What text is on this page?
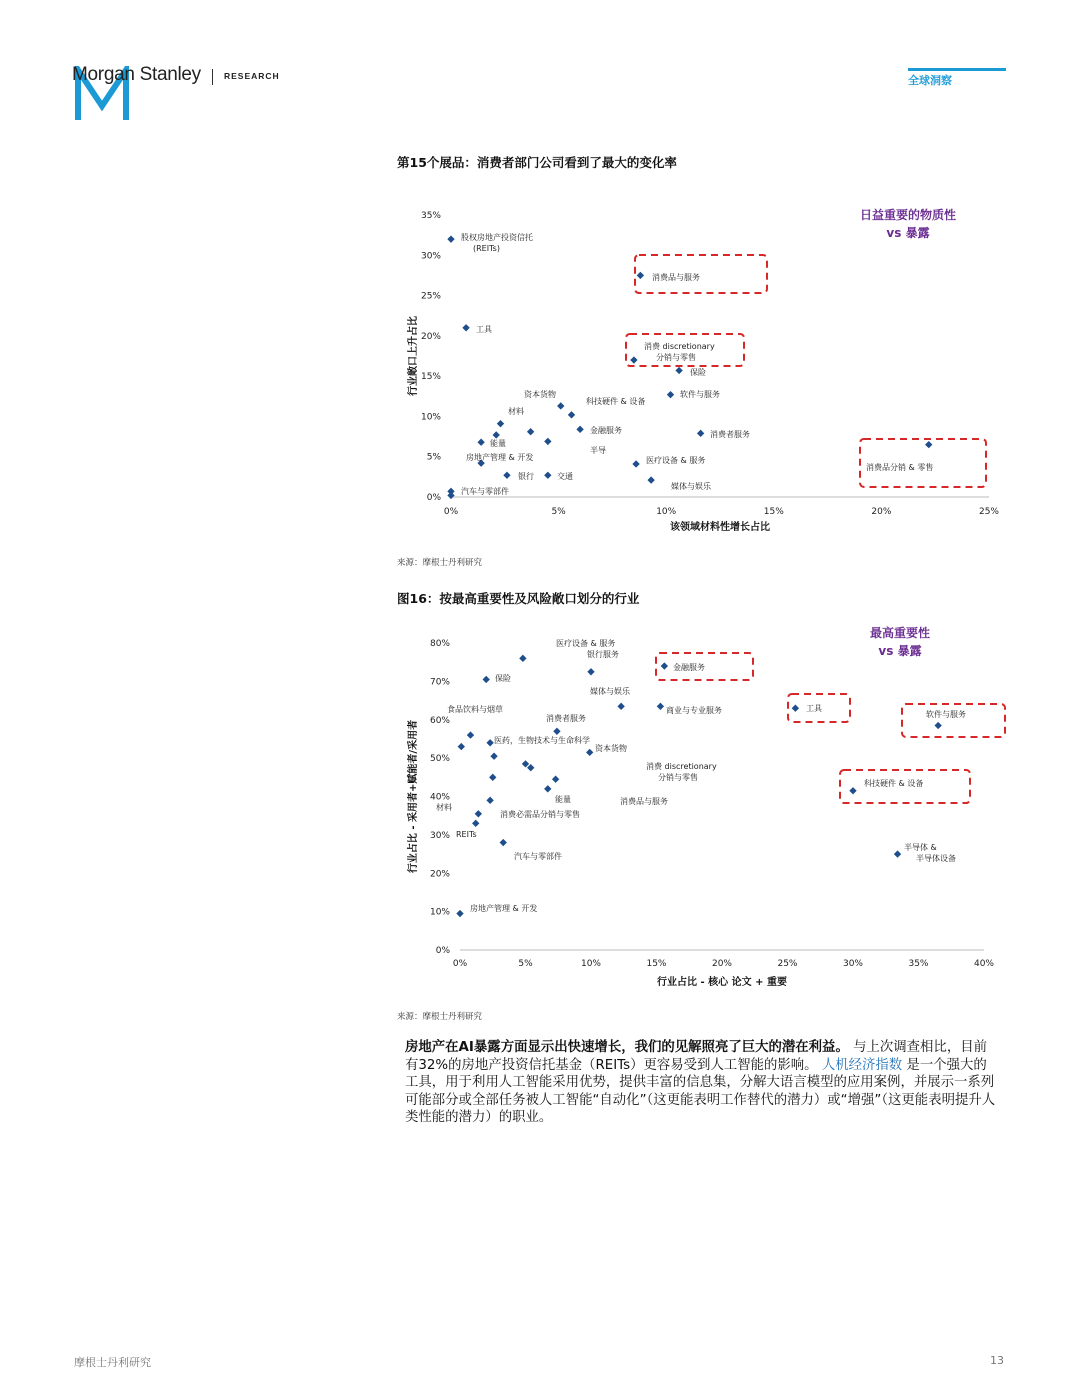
Morgan Stanley	RESEARCH	全球洞察
第15个展品：消费者部门公司看到了最大的变化率
0%	5%	10%	15%	20%	25%
0%
5%
10%
15%
20%
25%
30%
35%
该领域材料性增长占比
行业敞口上升占比
日益重要的物质性
vs 暴露
股权房地产投资信托
(REITs)
消费品与服务
工具
消费 discretionary
分销与零售
保险
软件与服务
资本货物
科技硬件 & 设备
材料
金融服务	消费者服务
能量
半导
交通
房地产管理 & 开发	医疗设备 & 服务
银行
媒体与娱乐
汽车与零部件
消费品分销 & 零售
0%	5%	10%	15%	20%	25%	30%	35%	40%
0%
10%
20%
30%
40%
50%
60%
70%
80%
行业占比 - 核心 论文 + 重要
行业占比 - 采用者+赋能者/采用者
最高重要性
vs 暴露
医疗设备 & 服务
银行服务
金融服务
保险
媒体与娱乐
商业与专业服务	工具
软件与服务
食品饮料与烟草
消费者服务
医药，生物技术与生命科学
资本货物
消费 discretionary
分销与零售
消费品与服务
能量
科技硬件 & 设备
材料
消费必需品分销与零售
REITs
汽车与零部件
半导体 &
半导体设备
房地产管理 & 开发
来源：摩根士丹利研究
图16：按最高重要性及风险敞口划分的行业
来源：摩根士丹利研究
房地产在AI暴露方面显示出快速增长，我们的见解照亮了巨大的潜在利益。 与上次调查相比，目前有32%的房地产投资信托基金（REITs）更容易受到人工智能的影响。 人机经济指数 是一个强大的工具，用于利用人工智能采用优势，提供丰富的信息集，分解大语言模型的应用案例，并展示一系列可能部分或全部任务被人工智能“自动化”（这更能表明工作替代的潜力）或“增强”（这更能表明提升人类性能的潜力）的职业。
摩根士丹利研究	13
